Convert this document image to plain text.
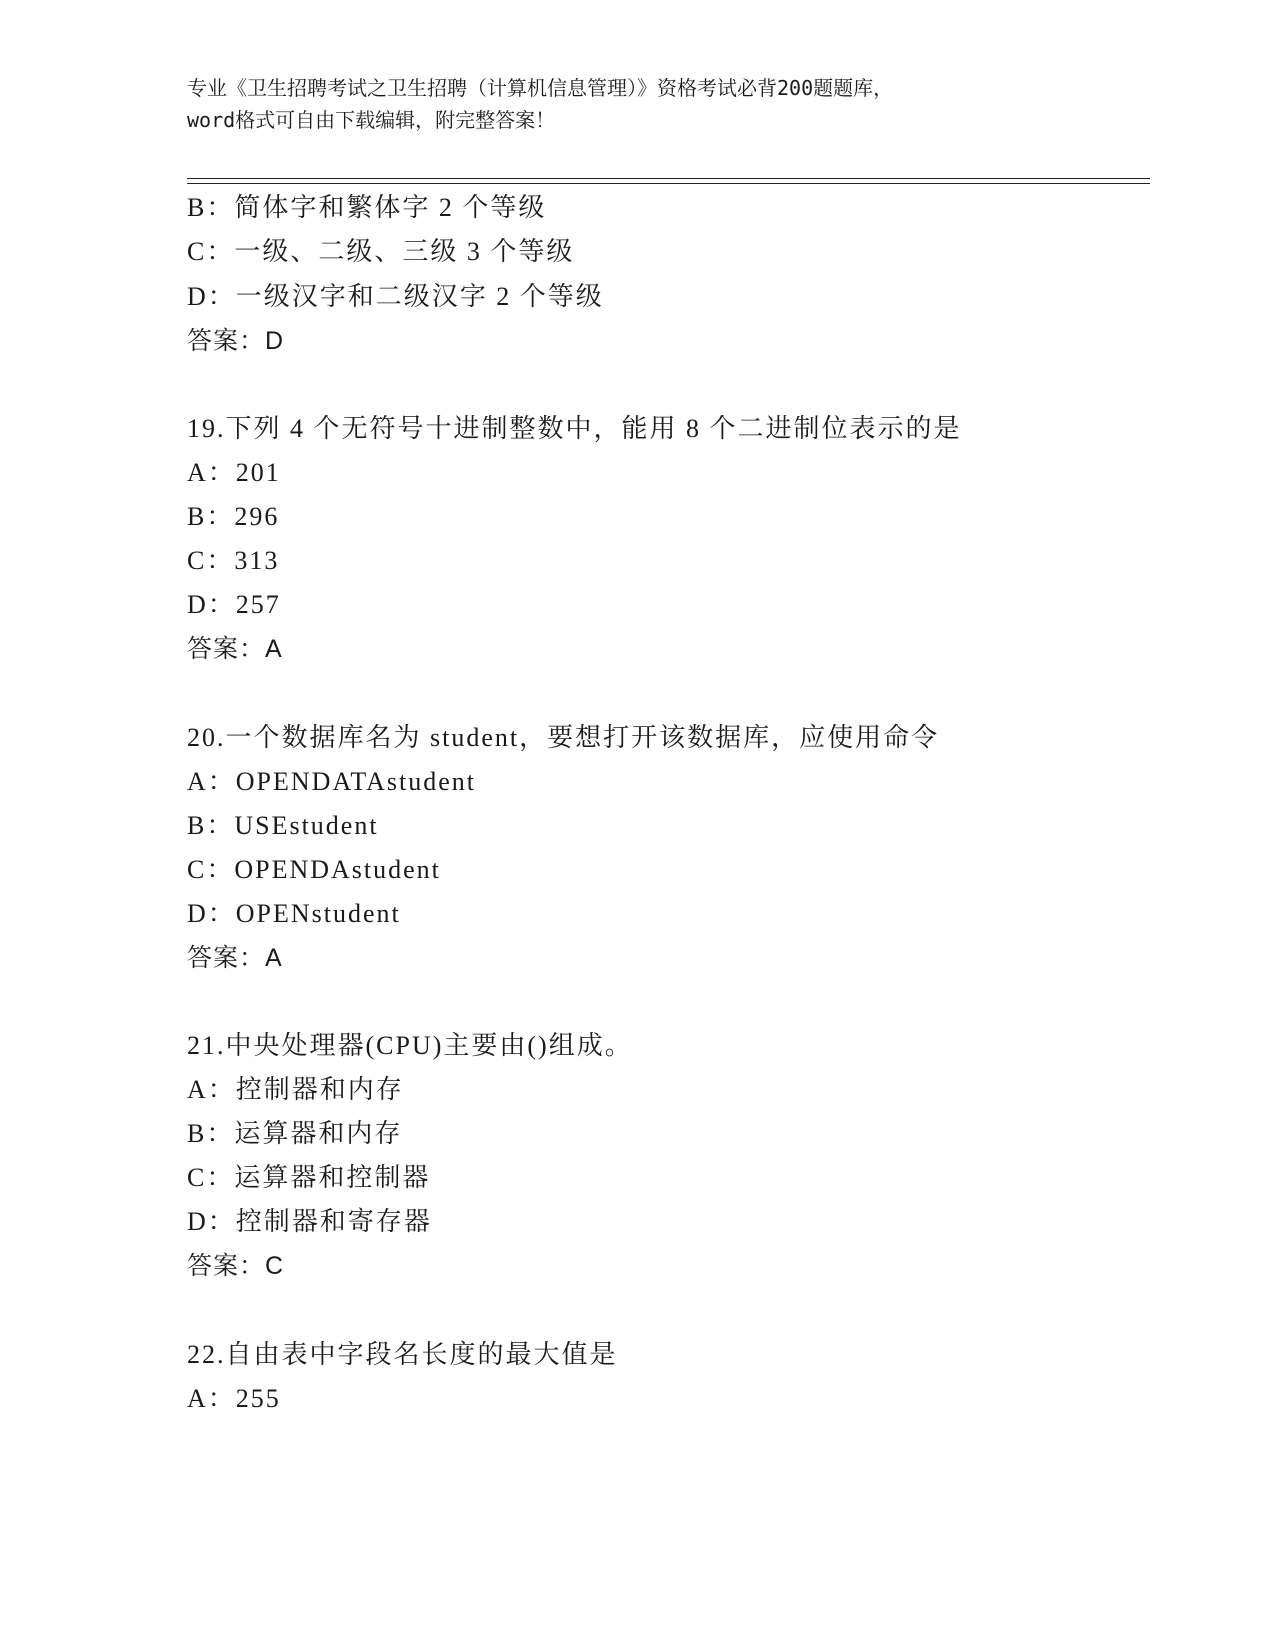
专业《卫生招聘考试之卫生招聘（计算机信息管理）》资格考试必背200题题库，
word格式可自由下载编辑，附完整答案！
B：简体字和繁体字 2 个等级
C：一级、二级、三级 3 个等级
D：一级汉字和二级汉字 2 个等级
答案：D
19.下列 4 个无符号十进制整数中，能用 8 个二进制位表示的是
A：201
B：296
C：313
D：257
答案：A
20.一个数据库名为 student，要想打开该数据库，应使用命令
A：OPENDATAstudent
B：USEstudent
C：OPENDAstudent
D：OPENstudent
答案：A
21.中央处理器(CPU)主要由()组成。
A：控制器和内存
B：运算器和内存
C：运算器和控制器
D：控制器和寄存器
答案：C
22.自由表中字段名长度的最大值是
A：255
